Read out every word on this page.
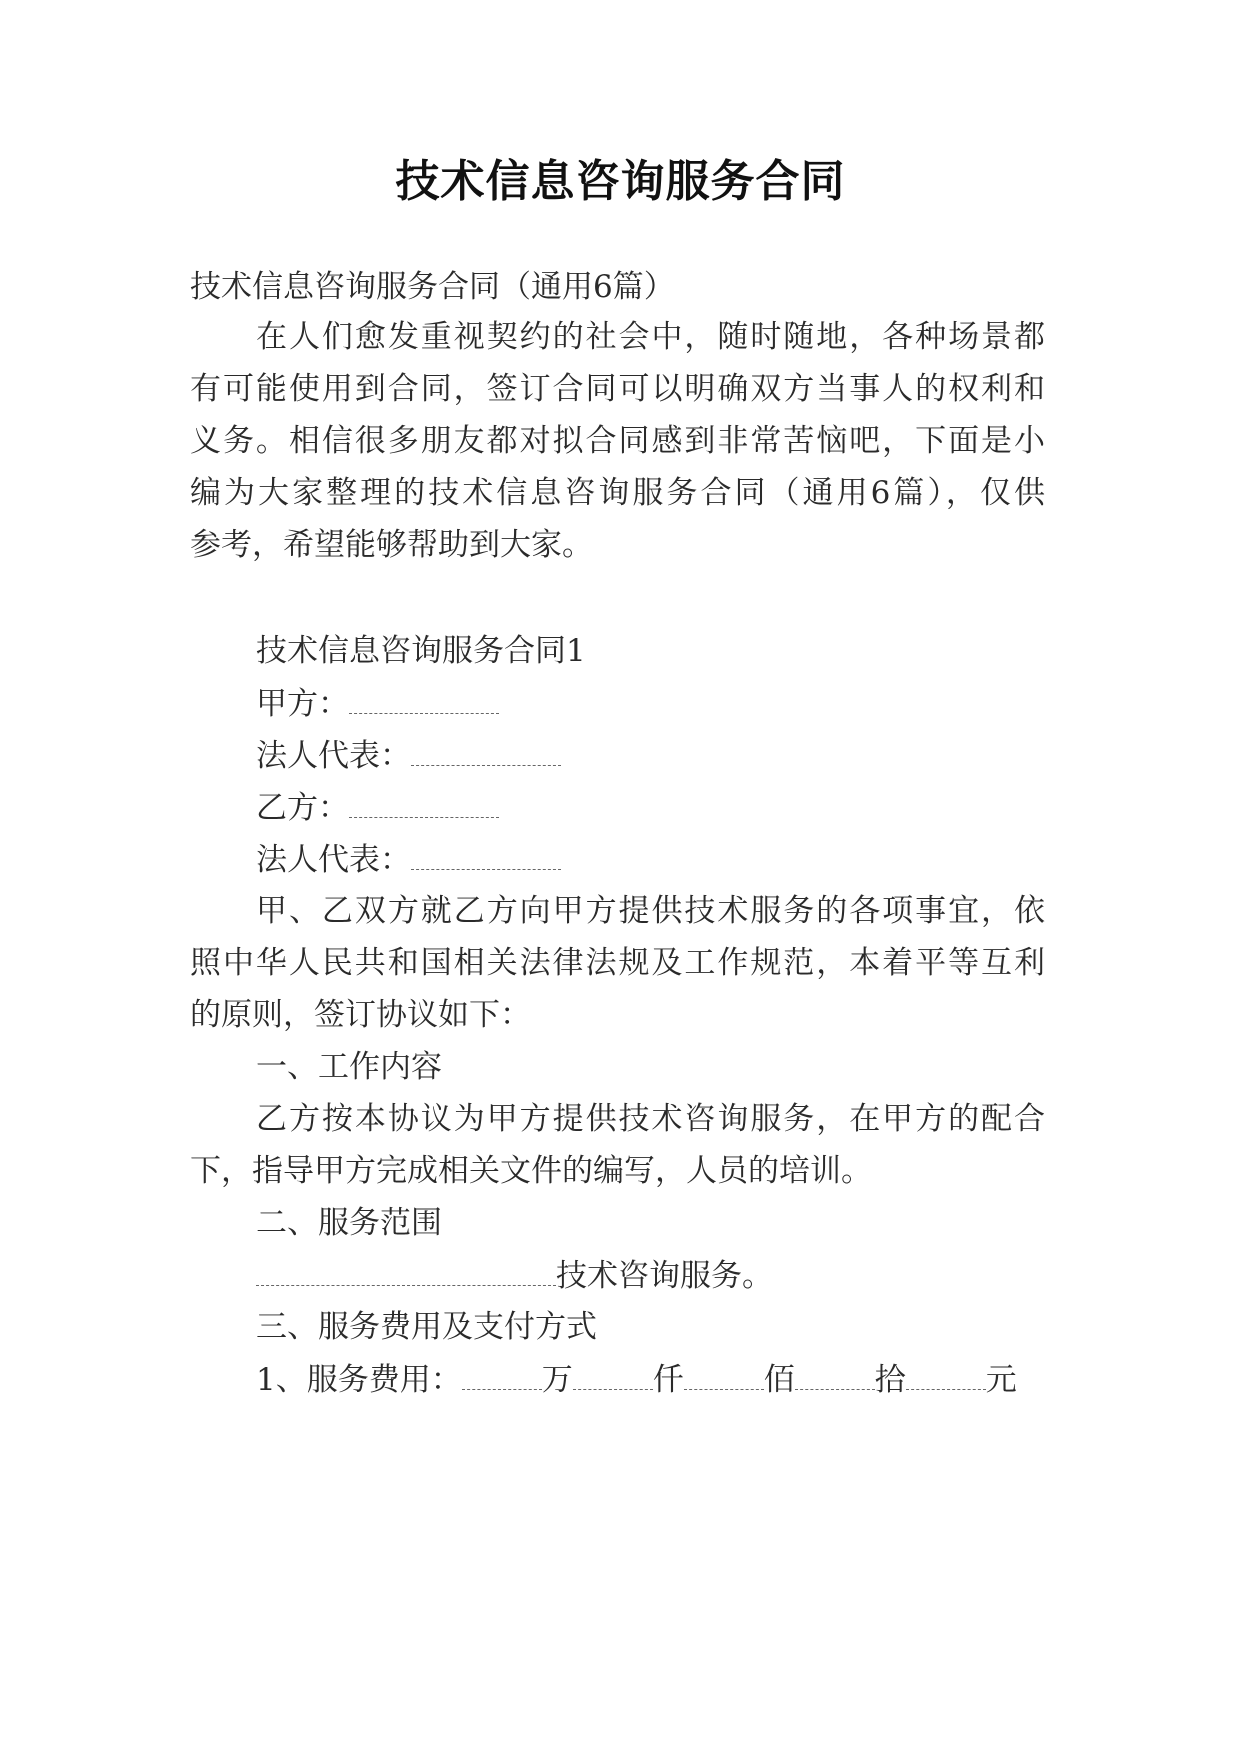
技术信息咨询服务合同
技术信息咨询服务合同（通用6篇）
在人们愈发重视契约的社会中，随时随地，各种场景都
有可能使用到合同，签订合同可以明确双方当事人的权利和
义务。相信很多朋友都对拟合同感到非常苦恼吧，下面是小
编为大家整理的技术信息咨询服务合同（通用6篇），仅供
参考，希望能够帮助到大家。
技术信息咨询服务合同1
甲方：
法人代表：
乙方：
法人代表：
甲、乙双方就乙方向甲方提供技术服务的各项事宜，依
照中华人民共和国相关法律法规及工作规范，本着平等互利
的原则，签订协议如下：
一、工作内容
乙方按本协议为甲方提供技术咨询服务，在甲方的配合
下，指导甲方完成相关文件的编写，人员的培训。
二、服务范围
技术咨询服务。
三、服务费用及支付方式
1、服务费用：	万	仟	佰	拾	元
